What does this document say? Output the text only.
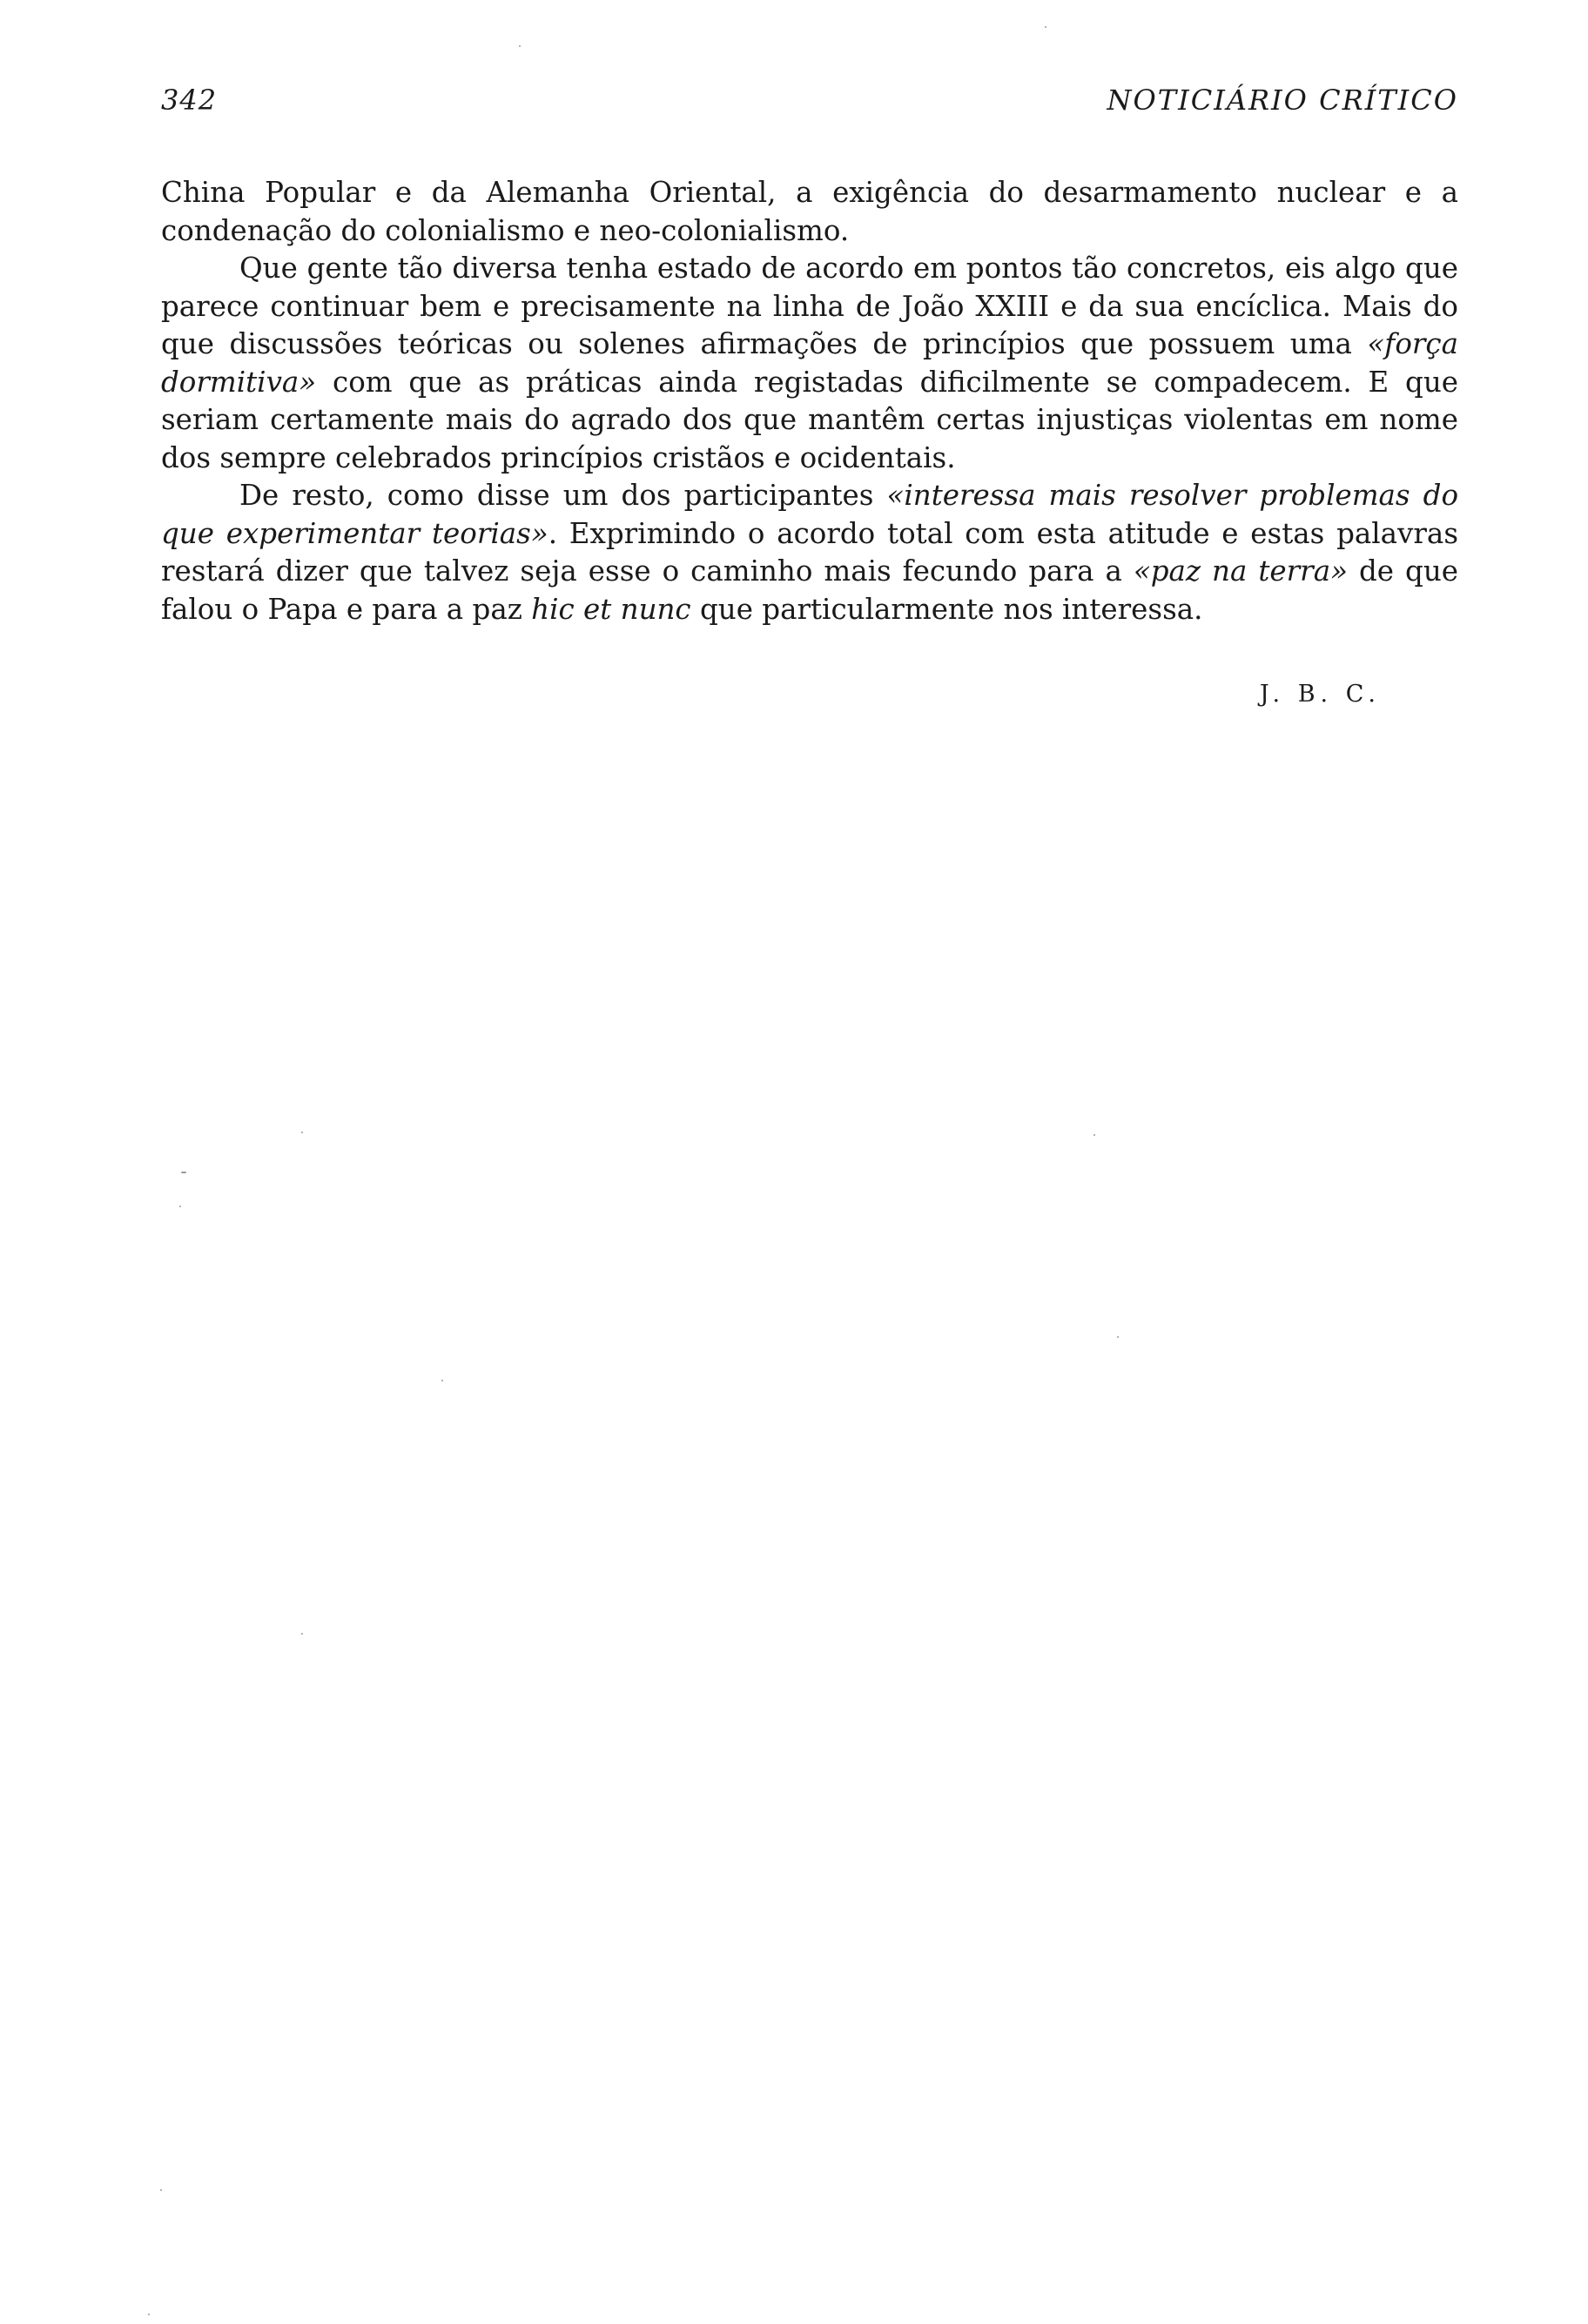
342	NOTICIÁRIO CRÍTICO

China Popular e da Alemanha Oriental, a exigência do desarmamento nuclear e a condenação do colonialismo e neo-colonialismo.

Que gente tão diversa tenha estado de acordo em pontos tão concretos, eis algo que parece continuar bem e precisamente na linha de João XXIII e da sua encíclica. Mais do que discussões teóricas ou solenes afirmações de princípios que possuem uma «força dormitiva» com que as práticas ainda registadas dificilmente se compadecem. E que seriam certamente mais do agrado dos que mantêm certas injustiças violentas em nome dos sempre celebrados princípios cristãos e ocidentais.

De resto, como disse um dos participantes «interessa mais resolver problemas do que experimentar teorias». Exprimindo o acordo total com esta atitude e estas palavras restará dizer que talvez seja esse o caminho mais fecundo para a «paz na terra» de que falou o Papa e para a paz hic et nunc que particularmente nos interessa.

J. B. C.
